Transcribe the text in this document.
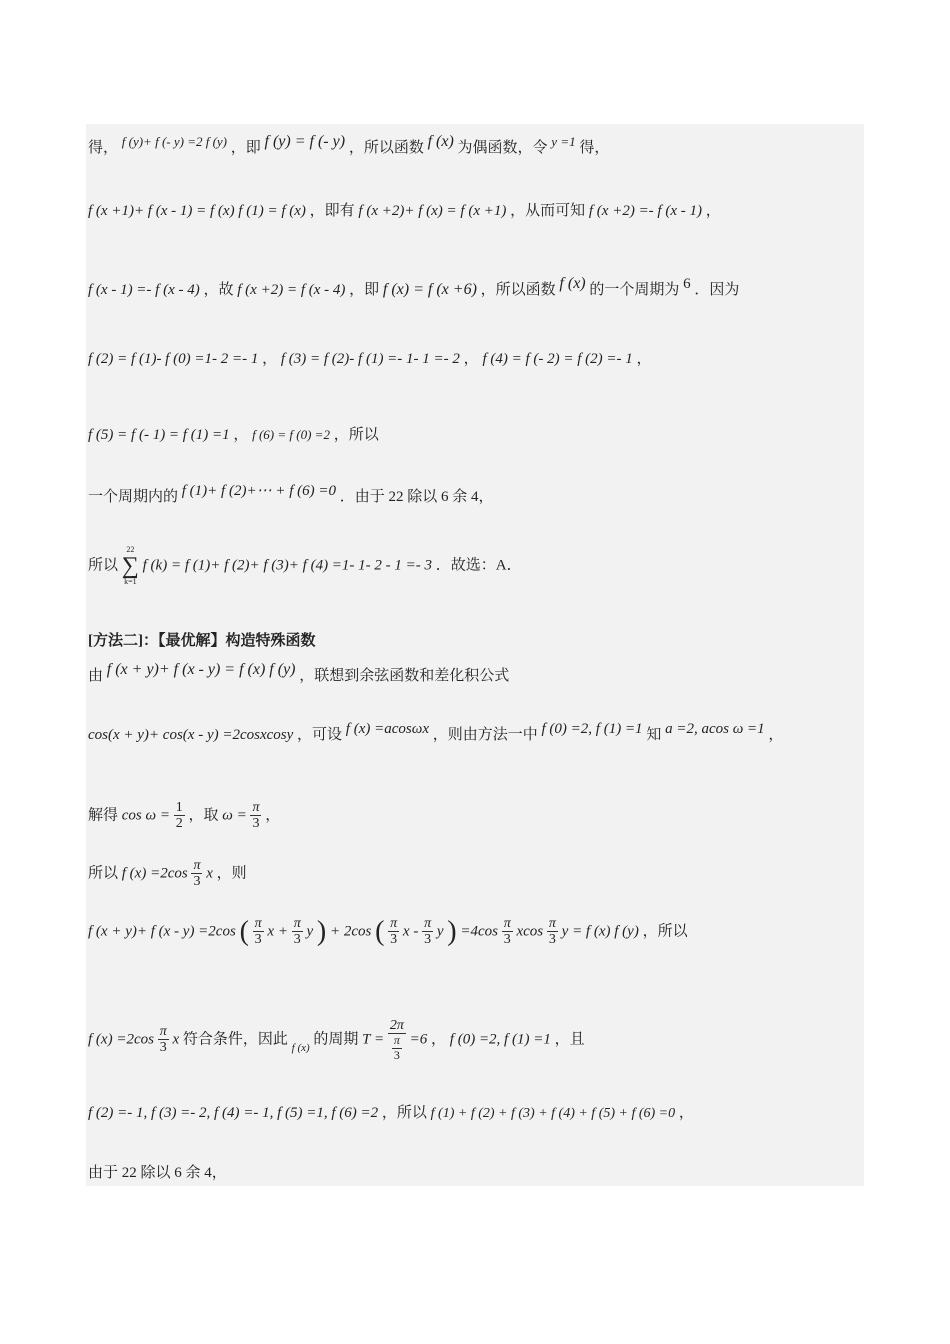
得， f (y)+ f (- y) =2 f (y) ，即 f (y) = f (- y) ，所以函数 f (x) 为偶函数，令 y =1 得，
f (x +1)+ f (x - 1) = f (x) f (1) = f (x) ，即有 f (x +2)+ f (x) = f (x +1) ，从而可知 f (x +2) =- f (x - 1) ，
f (x - 1) =- f (x - 4) ，故 f (x +2) = f (x - 4) ，即 f (x) = f (x +6) ，所以函数 f (x) 的一个周期为 6 ．因为
f (2) = f (1)- f (0) =1- 2 =- 1 ， f (3) = f (2)- f (1) =- 1- 1 =- 2 ， f (4) = f (- 2) = f (2) =- 1 ，
f (5) = f (- 1) = f (1) =1 ， f (6) = f (0) =2 ，所以
一个周期内的 f (1)+ f (2)+⋯ + f (6) =0 ．由于 22 除以 6 余 4，
所以
22
∑
k=1
f (k) = f (1)+ f (2)+ f (3)+ f (4) =1- 1- 2 - 1 =- 3 ．故选：A．
[方法二]：【最优解】构造特殊函数
由 f (x + y)+ f (x - y) = f (x) f (y) ，联想到余弦函数和差化积公式
cos(x + y)+ cos(x - y) =2cosxcosy ，可设 f (x) =acosωx ，则由方法一中 f (0) =2, f (1) =1 知 a =2, acos ω =1 ，
解得 $\cos \omega = \frac{1}{2}$ ，取 $\omega = \frac{\pi}{3}$ ，
所以 f $(x) =2\cos \frac{\pi}{3}$ x ，则
f (x + y)+ f (x - y) =2cos ( $\frac{\pi}{3}$ $x + \frac{\pi}{3}$ y ) + 2cos ( $\frac{\pi}{3}$ x - $\frac{\pi}{3}$ y ) $=4\cos \frac{\pi}{3}$ xcos $\frac{\pi}{3}$ y = f (x) f (y) ，所以
f $(x) =2\cos \frac{\pi}{3}$ x 符合条件，因此 $_{f (x)}$ 的周期 $T = \frac{2\pi}{\frac{\pi}{3}} =6$ ， f (0) =2, f (1) =1 ，且
f (2) =- 1, f (3) =- 2, f (4) =- 1, f (5) =1, f (6) =2 ，所以 f (1) + f (2) + f (3) + f (4) + f (5) + f (6) =0 ，
由于 22 除以 6 余 4，
